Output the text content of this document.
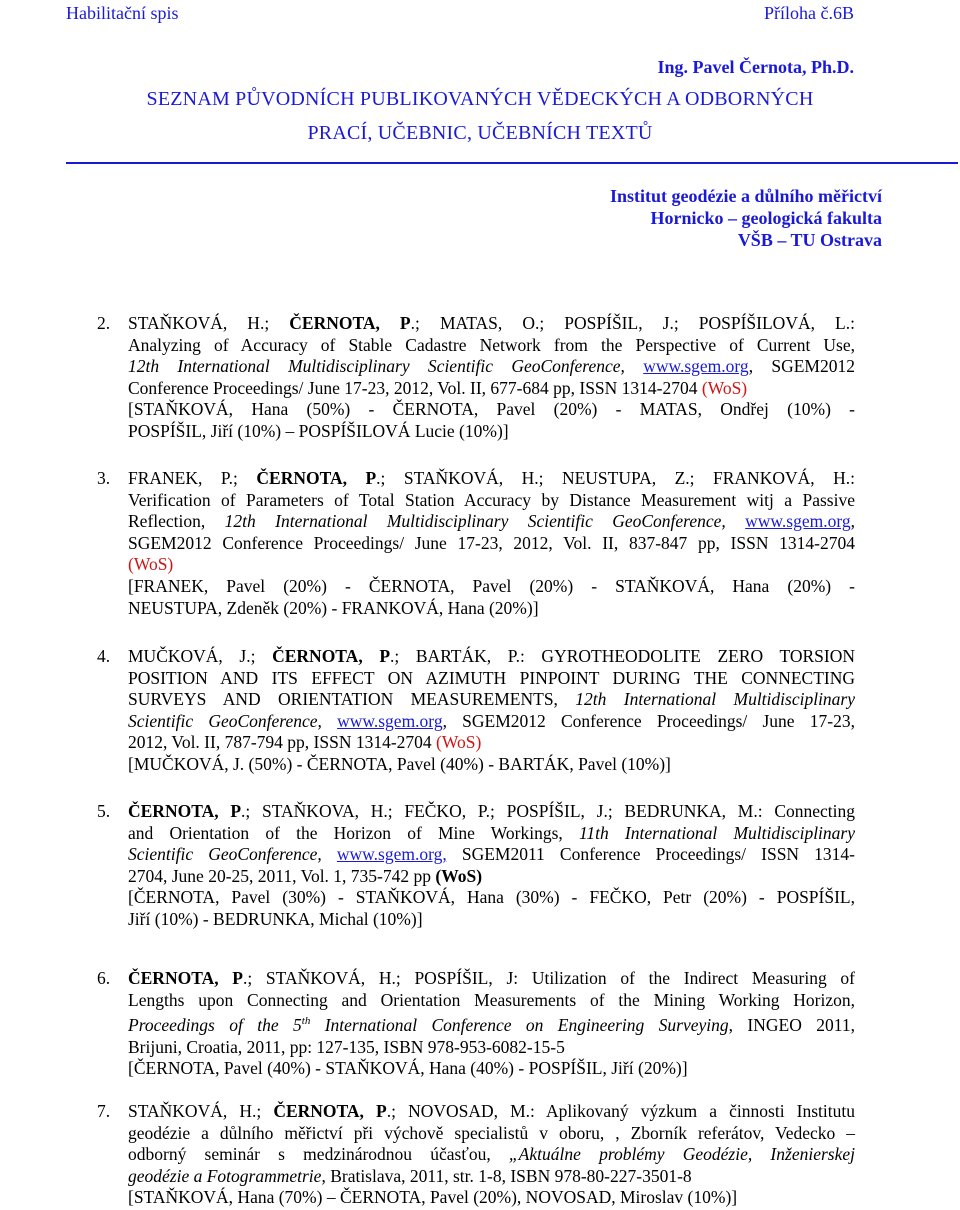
Habilitační spis	Příloha č.6B
Ing. Pavel Černota, Ph.D.
SEZNAM PŮVODNÍCH PUBLIKOVANÝCH VĚDECKÝCH A ODBORNÝCH
PRACÍ, UČEBNIC, UČEBNÍCH TEXTŮ
Institut geodézie a důlního měřictví
Hornicko – geologická fakulta
VŠB – TU Ostrava
2.	STAŇKOVÁ, H.; ČERNOTA, P.; MATAS, O.; POSPÍŠIL, J.; POSPÍŠILOVÁ, L.:
Analyzing of Accuracy of Stable Cadastre Network from the Perspective of Current Use,
12th International Multidisciplinary Scientific GeoConference, www.sgem.org, SGEM2012
Conference Proceedings/ June 17-23, 2012, Vol. II, 677-684 pp, ISSN 1314-2704 (WoS)
[STAŇKOVÁ, Hana (50%) - ČERNOTA, Pavel (20%) - MATAS, Ondřej (10%) -
POSPÍŠIL, Jiří (10%) – POSPÍŠILOVÁ Lucie (10%)]
3.	FRANEK, P.; ČERNOTA, P.; STAŇKOVÁ, H.; NEUSTUPA, Z.; FRANKOVÁ, H.:
Verification of Parameters of Total Station Accuracy by Distance Measurement witj a Passive
Reflection, 12th International Multidisciplinary Scientific GeoConference, www.sgem.org,
SGEM2012 Conference Proceedings/ June 17-23, 2012, Vol. II, 837-847 pp, ISSN 1314-2704
(WoS)
[FRANEK, Pavel (20%) - ČERNOTA, Pavel (20%) - STAŇKOVÁ, Hana (20%) -
NEUSTUPA, Zdeněk (20%) - FRANKOVÁ, Hana (20%)]
4.	MUČKOVÁ, J.; ČERNOTA, P.; BARTÁK, P.: GYROTHEODOLITE ZERO TORSION
POSITION AND ITS EFFECT ON AZIMUTH PINPOINT DURING THE CONNECTING
SURVEYS AND ORIENTATION MEASUREMENTS, 12th International Multidisciplinary
Scientific GeoConference, www.sgem.org, SGEM2012 Conference Proceedings/ June 17-23,
2012, Vol. II, 787-794 pp, ISSN 1314-2704 (WoS)
[MUČKOVÁ, J. (50%) - ČERNOTA, Pavel (40%) - BARTÁK, Pavel (10%)]
5.	ČERNOTA, P.; STAŇKOVA, H.; FEČKO, P.; POSPÍŠIL, J.; BEDRUNKA, M.: Connecting
and Orientation of the Horizon of Mine Workings, 11th International Multidisciplinary
Scientific GeoConference, www.sgem.org, SGEM2011 Conference Proceedings/ ISSN 1314-
2704, June 20-25, 2011, Vol. 1, 735-742 pp (WoS)
[ČERNOTA, Pavel (30%) - STAŇKOVÁ, Hana (30%) - FEČKO, Petr (20%) - POSPÍŠIL,
Jiří (10%) - BEDRUNKA, Michal (10%)]
6.	ČERNOTA, P.; STAŇKOVÁ, H.; POSPÍŠIL, J: Utilization of the Indirect Measuring of
Lengths upon Connecting and Orientation Measurements of the Mining Working Horizon,
Proceedings of the 5th International Conference on Engineering Surveying, INGEO 2011,
Brijuni, Croatia, 2011, pp: 127-135, ISBN 978-953-6082-15-5
[ČERNOTA, Pavel (40%) - STAŇKOVÁ, Hana (40%) - POSPÍŠIL, Jiří (20%)]
7.	STAŇKOVÁ, H.; ČERNOTA, P.; NOVOSAD, M.: Aplikovaný výzkum a činnosti Institutu
geodézie a důlního měřictví při výchově specialistů v oboru, , Zborník referátov, Vedecko –
odborný seminár s medzinárodnou účasťou, „Aktuálne problémy Geodézie, Inženierskej
geodézie a Fotogrammetrie, Bratislava, 2011, str. 1-8, ISBN 978-80-227-3501-8
[STAŇKOVÁ, Hana (70%) – ČERNOTA, Pavel (20%), NOVOSAD, Miroslav (10%)]
